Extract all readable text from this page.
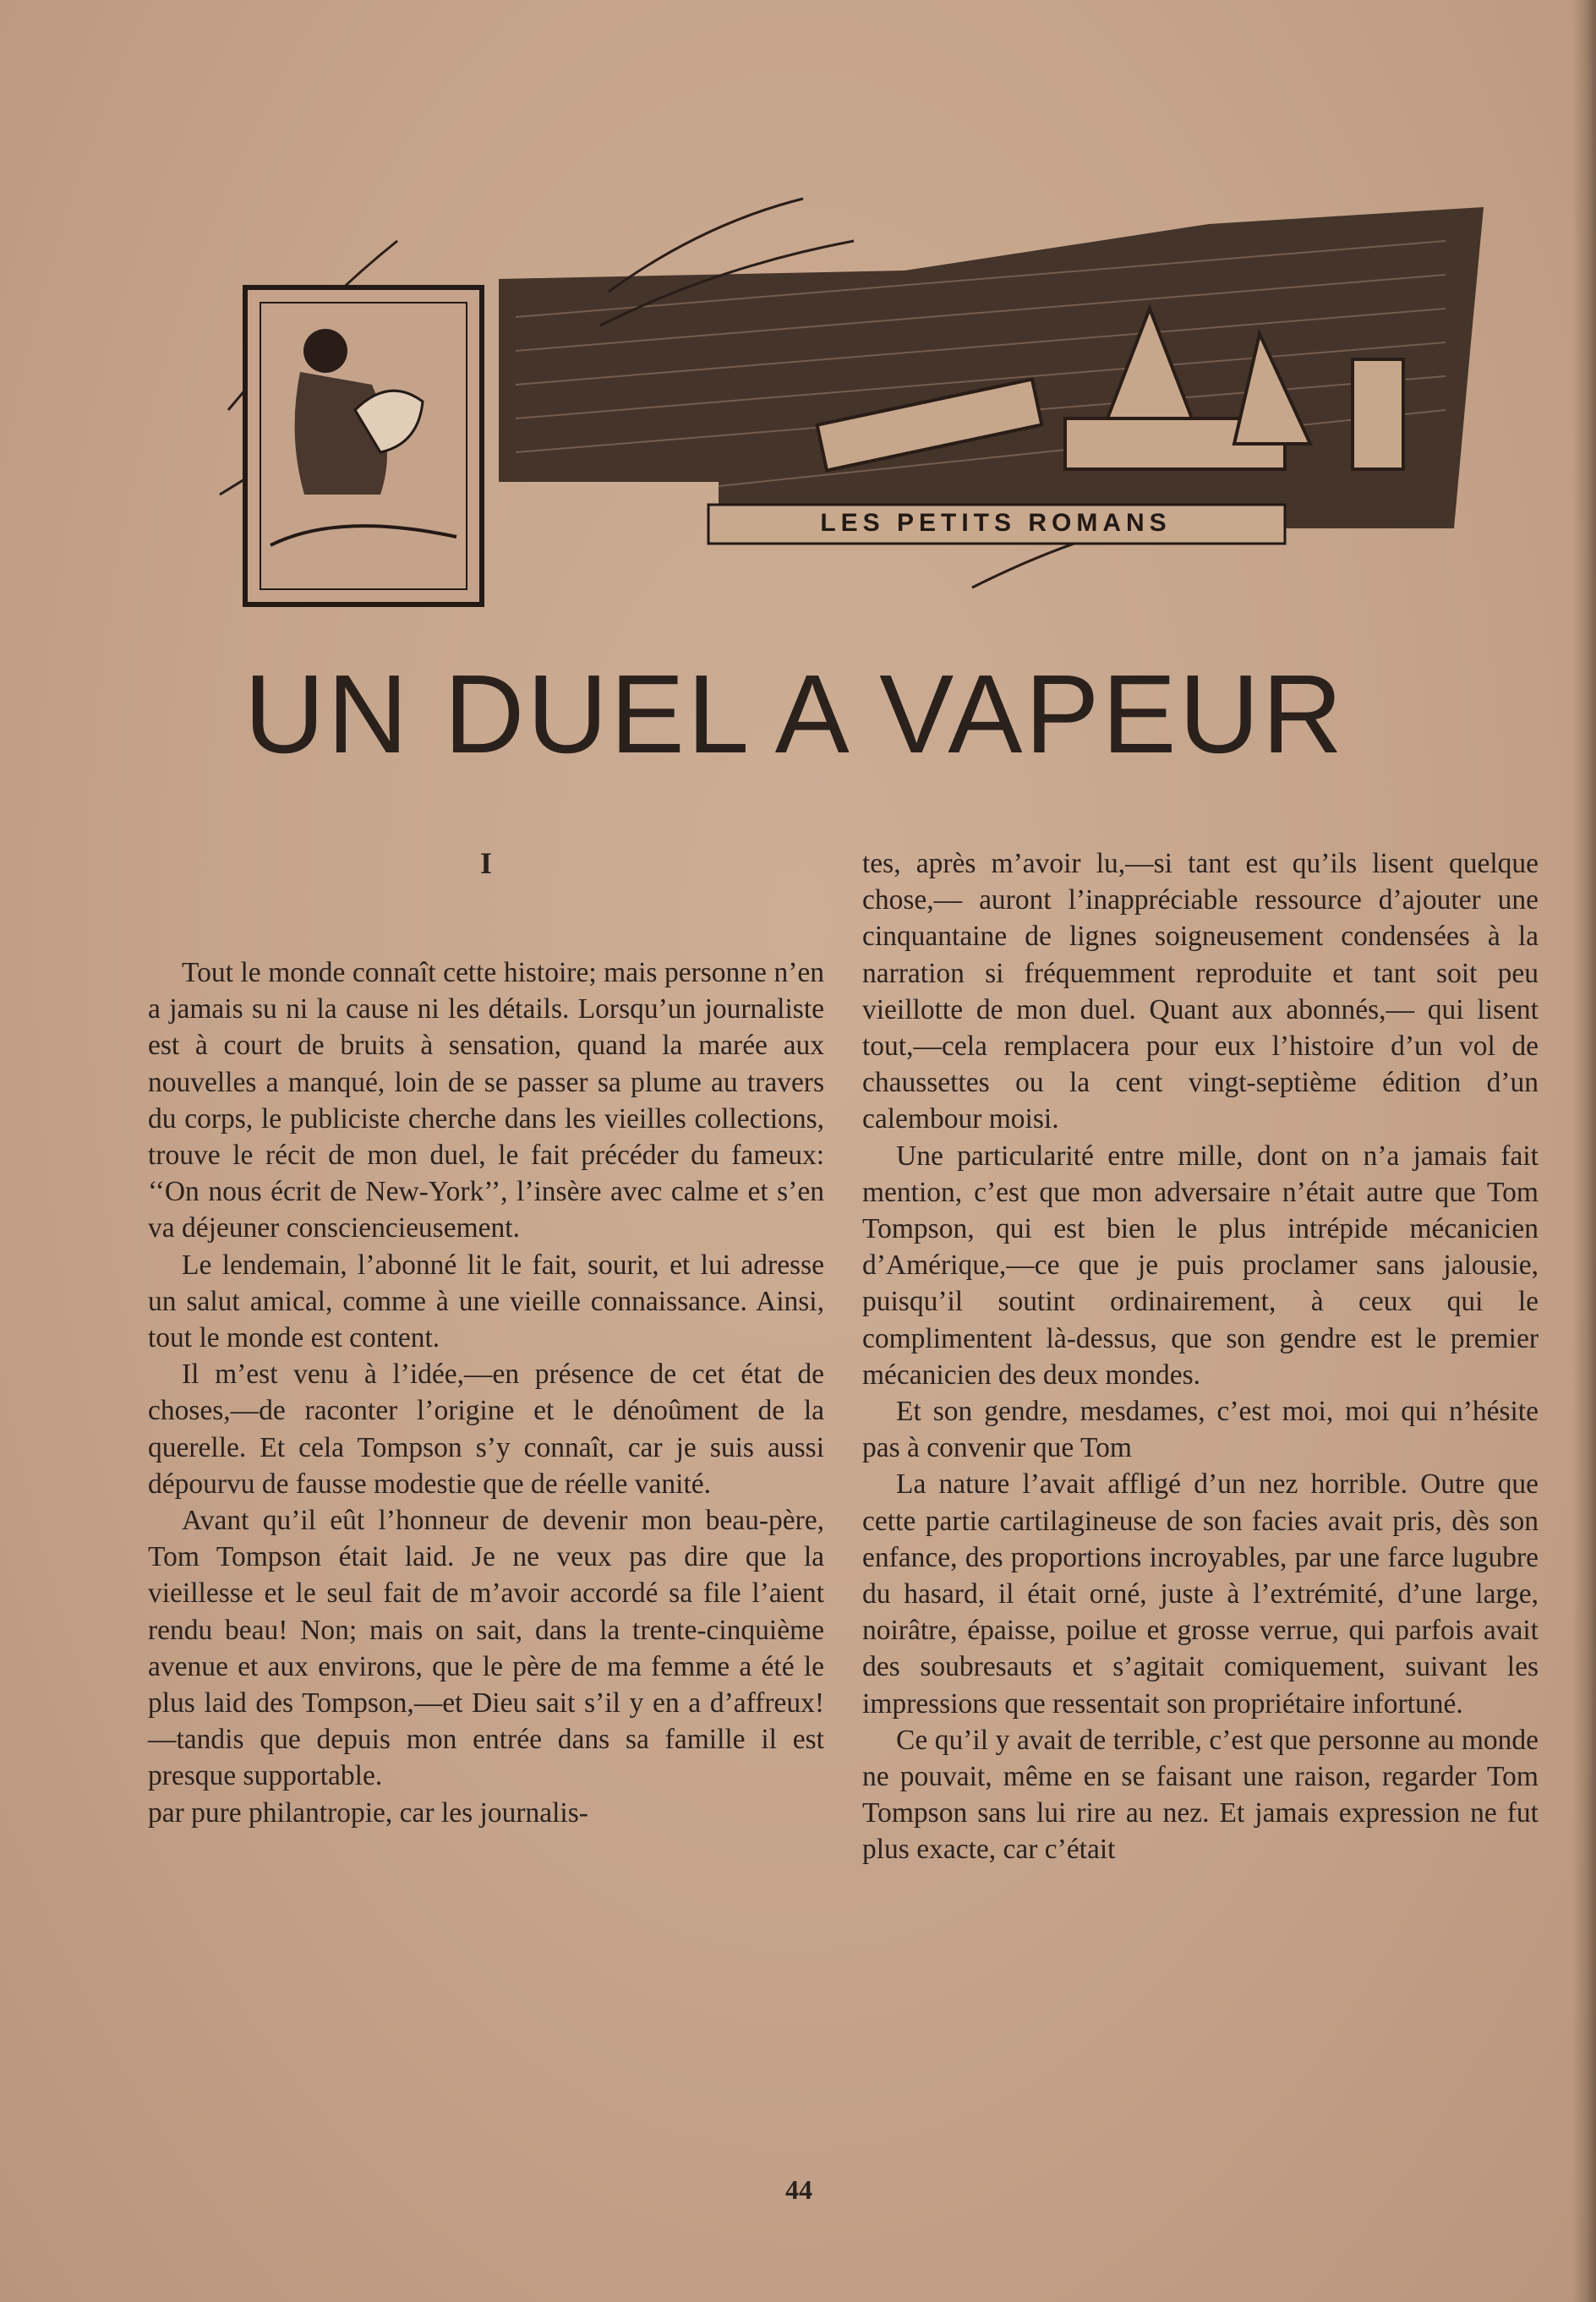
LES PETITS ROMANS
UN DUEL A VAPEUR
I

Tout le monde connaît cette histoire; mais personne n’en a jamais su ni la cause ni les détails. Lorsqu’un journaliste est à court de bruits à sensation, quand la marée aux nouvelles a manqué, loin de se passer sa plume au travers du corps, le publiciste cherche dans les vieilles collections, trouve le récit de mon duel, le fait précéder du fameux: ‘‘On nous écrit de New-York’’, l’insère avec calme et s’en va déjeuner consciencieusement.

Le lendemain, l’abonné lit le fait, sourit, et lui adresse un salut amical, comme à une vieille connaissance. Ainsi, tout le monde est content.

Il m’est venu à l’idée,—en présence de cet état de choses,—de raconter l’origine et le dénoûment de la querelle. Et cela Tompson s’y connaît, car je suis aussi dépourvu de fausse modestie que de réelle vanité.

Avant qu’il eût l’honneur de devenir mon beau-père, Tom Tompson était laid. Je ne veux pas dire que la vieillesse et le seul fait de m’avoir accordé sa file l’aient rendu beau! Non; mais on sait, dans la trente-cinquième avenue et aux environs, que le père de ma femme a été le plus laid des Tompson,—et Dieu sait s’il y en a d’affreux!—tandis que depuis mon entrée dans sa famille il est presque supportable.

par pure philantropie, car les journalis-

tes, après m’avoir lu,—si tant est qu’ils lisent quelque chose,— auront l’inappréciable ressource d’ajouter une cinquantaine de lignes soigneusement condensées à la narration si fréquemment reproduite et tant soit peu vieillotte de mon duel. Quant aux abonnés,— qui lisent tout,—cela remplacera pour eux l’histoire d’un vol de chaussettes ou la cent vingt-septième édition d’un calembour moisi.

Une particularité entre mille, dont on n’a jamais fait mention, c’est que mon adversaire n’était autre que Tom Tompson, qui est bien le plus intrépide mécanicien d’Amérique,—ce que je puis proclamer sans jalousie, puisqu’il soutint ordinairement, à ceux qui le complimentent là-dessus, que son gendre est le premier mécanicien des deux mondes.

Et son gendre, mesdames, c’est moi, moi qui n’hésite pas à convenir que Tom

La nature l’avait affligé d’un nez horrible. Outre que cette partie cartilagineuse de son facies avait pris, dès son enfance, des proportions incroyables, par une farce lugubre du hasard, il était orné, juste à l’extrémité, d’une large, noirâtre, épaisse, poilue et grosse verrue, qui parfois avait des soubresauts et s’agitait comiquement, suivant les impressions que ressentait son propriétaire infortuné.

Ce qu’il y avait de terrible, c’est que personne au monde ne pouvait, même en se faisant une raison, regarder Tom Tompson sans lui rire au nez. Et jamais expression ne fut plus exacte, car c’était

44
